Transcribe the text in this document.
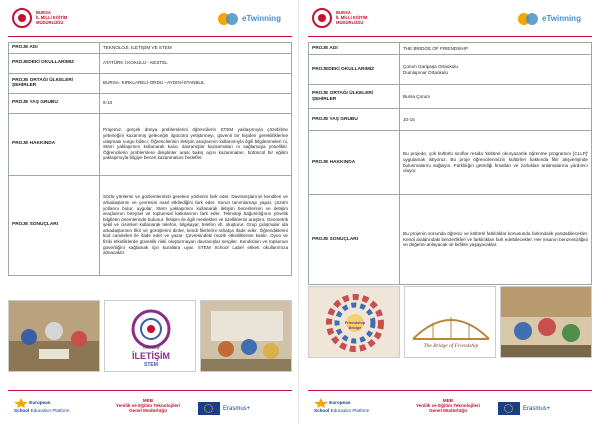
BURSA
İL MİLLİ EĞİTİM MÜDÜRLÜĞÜ	eTwinning
PROJE ADI	TEKNOLOJİ, İLETİŞİM VE STEM
PROJEDEKİ OKULLARIMIZ	ATATÜRK İ.KOKULU - KESTEL
PROJE ORTAĞI ÜLKELER/ŞEHİRLER	BURSA- KIRKLARELİ-ORDU –AYDIN-İSTANBUL
PROJE YAŞ GRUBU	6-10
PROJE HAKKINDA	Projemiz, gerçek dünya problemlerini öğrencilerin STEM yaklaşımıyla çözebilme yeteneğini kazanmış geleceğin ilgücünü yetiştirmeyi, güvenli bir kişiden gerekliliklerine ulaşması vurgu bilinci; Öğrencilerinin iletişim araçlarının kullanımıyla ilgili bilgilenmeleri ni, Stem yaklaşımını kullanarak kalıcı davranışlar kazanmaları nı sağlamaya yöneliktir. Öğrencilerin problemlere disiplinler arası bakış açısı kazanmaları, bütüncül bir eğitim yaklaşımıyla bilgiye beceri kazanmasını hedefler.
PROJE SONUÇLARI	Sözlü yönlerini ve gözlemlerimizi gereken yönlerini fark eder. Davranışlarının kendileri ve arkadaşlarını ve çevresini nasıl etkilediğini fark eder. Sorun tanımlamayı yapar, çözüm yollarını bulur, uygular. Stem yaklaşımını kullanarak iletişim becerilerinin ve iletişim araçlarının bireysel ve toplumsal katkılarının fark eder. Teknoloji bağımlılığının yönelik bilgilerin önemlerinde bulunur. İletişim ile ilgili meslekleri ve özelliklerini araştırır. Geometrik şekil ve cisimleri kullanarak telefon, bilgisayar, telefon vb. oluşturur. Grup çalışmalar ıda arkadaşlarının fikir ve görüşlerini dinler, kendi fikirlerini rahatça ifade eder. Öğrendiklerini kod camiteleri ile ifade eder ve yazar. Çevresindeki müzik etkinliklerine katılır. Oyun ve fiziki etkinliklerde güvenlik riski oluşturmayan davranışlar sergiler. Kendisinin ve toplumun güvenliğini sağlamak için kurallara uyar. STEM School Label etiketi okullarımıza almacaktır.
Teknoloji
İLETİŞİM
STEM
European
School Education Platform
MEB
Yenilik ve Eğitim Teknolojileri
Genel Müdürlüğü	Erasmus+
BURSA
İL MİLLİ EĞİTİM MÜDÜRLÜĞÜ	eTwinning
PROJE ADI	THE BRIDGE OF FRIENDSHIP
PROJEDEKİ OKULLARIMIZ	Çorum Garipaşa Ortaokulu
Dumlupınar Ortaokulu
PROJE ORTAĞI ÜLKELER/ŞEHİRLER	Bursa Çorum
PROJE YAŞ GRUBU	10-15
PROJE HAKKINDA	Bu projede, çok kültürlü sınıflar resida 'kültürel okuryazarlık öğrenme programını [CLLP]' uygulamak istiyoruz. Bu proje öğrencilerimizin kültürleri hakkında fikir alışverişinde bulunmalarını sağlayın. Farklılığın getirdiği fırsatları ve zorlukları anlamalarına yardımcı oluyor.
PROJE SONUÇLARI	Bu projenin sonunda öğrenci ve kültürel farklılıklar konusunda farkındalık yaratabilecekler, Kendi aralarındaki benzerlikleri ve farklılıkları fark edebilecekler. Her insanın benzersizliğini ve değerini anlayacak ve birlikte yaşayacaklar.
Friendship Bridge
The Bridge of Friendship
European
School Education Platform
MEB
Yenilik ve Eğitim Teknolojileri
Genel Müdürlüğü	Erasmus+
